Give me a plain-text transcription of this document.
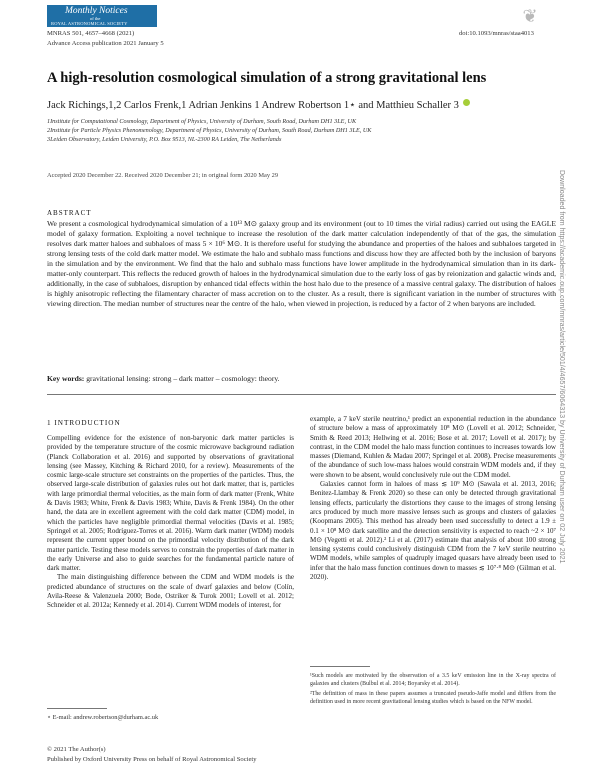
Monthly Notices
of the
ROYAL ASTRONOMICAL SOCIETY	❦
MNRAS 501, 4657–4668 (2021)
Advance Access publication 2021 January 5
doi:10.1093/mnras/staa4013
A high-resolution cosmological simulation of a strong gravitational lens
Jack Richings,1,2 Carlos Frenk,1 Adrian Jenkins 1 Andrew Robertson 1⋆ and Matthieu Schaller 3
1Institute for Computational Cosmology, Department of Physics, University of Durham, South Road, Durham DH1 3LE, UK
2Institute for Particle Physics Phenomenology, Department of Physics, University of Durham, South Road, Durham DH1 3LE, UK
3Leiden Observatory, Leiden University, P.O. Box 9513, NL-2300 RA Leiden, The Netherlands
Accepted 2020 December 22. Received 2020 December 21; in original form 2020 May 29
ABSTRACT
We present a cosmological hydrodynamical simulation of a 10¹³ M⊙ galaxy group and its environment (out to 10 times the virial radius) carried out using the EAGLE model of galaxy formation. Exploiting a novel technique to increase the resolution of the dark matter calculation independently of that of the gas, the simulation resolves dark matter haloes and subhaloes of mass 5 × 10⁶ M⊙. It is therefore useful for studying the abundance and properties of the haloes and subhaloes targeted in strong lensing tests of the cold dark matter model. We estimate the halo and subhalo mass functions and discuss how they are affected both by the inclusion of baryons in the simulation and by the environment. We find that the halo and subhalo mass functions have lower amplitude in the hydrodynamical simulation than in its dark-matter-only counterpart. This reflects the reduced growth of haloes in the hydrodynamical simulation due to the early loss of gas by reionization and galactic winds and, additionally, in the case of subhaloes, disruption by enhanced tidal effects within the host halo due to the presence of a massive central galaxy. The distribution of haloes is highly anisotropic reflecting the filamentary character of mass accretion on to the cluster. As a result, there is significant variation in the number of structures with viewing direction. The median number of structures near the centre of the halo, when viewed in projection, is reduced by a factor of 2 when baryons are included.
Key words: gravitational lensing: strong – dark matter – cosmology: theory.
1 INTRODUCTION

Compelling evidence for the existence of non-baryonic dark matter particles is provided by the temperature structure of the cosmic microwave background radiation (Planck Collaboration et al. 2016) and supported by observations of gravitational lensing (see Massey, Kitching & Richard 2010, for a review). Measurements of the cosmic large-scale structure set constraints on the properties of the particles. Thus, the observed large-scale distribution of galaxies rules out hot dark matter, that is, particles with large primordial thermal velocities, as the main form of dark matter (Frenk, White & Davis 1983; White, Frenk & Davis 1983; White, Davis & Frenk 1984). On the other hand, the data are in excellent agreement with the cold dark matter (CDM) model, in which the particles have negligible primordial thermal velocities (Davis et al. 1985; Springel et al. 2005; Rodríguez-Torres et al. 2016). Warm dark matter (WDM) models represent the current upper bound on the primordial velocity distribution of the dark matter particle. Testing these models serves to constrain the properties of dark matter in the early Universe and also to guide searches for the fundamental particle nature of dark matter.

The main distinguishing difference between the CDM and WDM models is the predicted abundance of structures on the scale of dwarf galaxies and below (Colín, Avila-Reese & Valenzuela 2000; Bode, Ostriker & Turok 2001; Lovell et al. 2012; Schneider et al. 2012a; Kennedy et al. 2014). Current WDM models of interest, for

example, a 7 keV sterile neutrino,¹ predict an exponential reduction in the abundance of structure below a mass of approximately 10⁸ M⊙ (Lovell et al. 2012; Schneider, Smith & Reed 2013; Hellwing et al. 2016; Bose et al. 2017; Lovell et al. 2017); by contrast, in the CDM model the halo mass function continues to increases towards low masses (Diemand, Kuhlen & Madau 2007; Springel et al. 2008). Precise measurements of the abundance of such low-mass haloes would constrain WDM models and, if they were shown to be absent, would conclusively rule out the CDM model.

Galaxies cannot form in haloes of mass ≲ 10⁹ M⊙ (Sawala et al. 2013, 2016; Benitez-Llambay & Frenk 2020) so these can only be detected through gravitational lensing effects, particularly the distortions they cause to the images of strong lensing arcs produced by much more massive lenses such as groups and clusters of galaxies (Koopmans 2005). This method has already been used successfully to detect a 1.9 ± 0.1 × 10⁸ M⊙ dark satellite and the detection sensitivity is expected to reach ~2 × 10⁷ M⊙ (Vegetti et al. 2012).² Li et al. (2017) estimate that analysis of about 100 strong lensing systems could conclusively distinguish CDM from the 7 keV sterile neutrino WDM models, while samples of quadruply imaged quasars have already been used to infer that the halo mass function continues down to masses ≲ 10⁷·⁸ M⊙ (Gilman et al. 2020).

¹Such models are motivated by the observation of a 3.5 keV emission line in the X-ray spectra of galaxies and clusters (Bulbul et al. 2014; Boyarsky et al. 2014).

²The definition of mass in these papers assumes a truncated pseudo-Jaffe model and differs from the definition used in more recent gravitational lensing studies which is based on the NFW model.

⋆ E-mail: andrew.robertson@durham.ac.uk
© 2021 The Author(s)
Published by Oxford University Press on behalf of Royal Astronomical Society
Downloaded from https://academic.oup.com/mnras/article/501/4/4657/6064313 by University of Durham user on 02 July 2021
